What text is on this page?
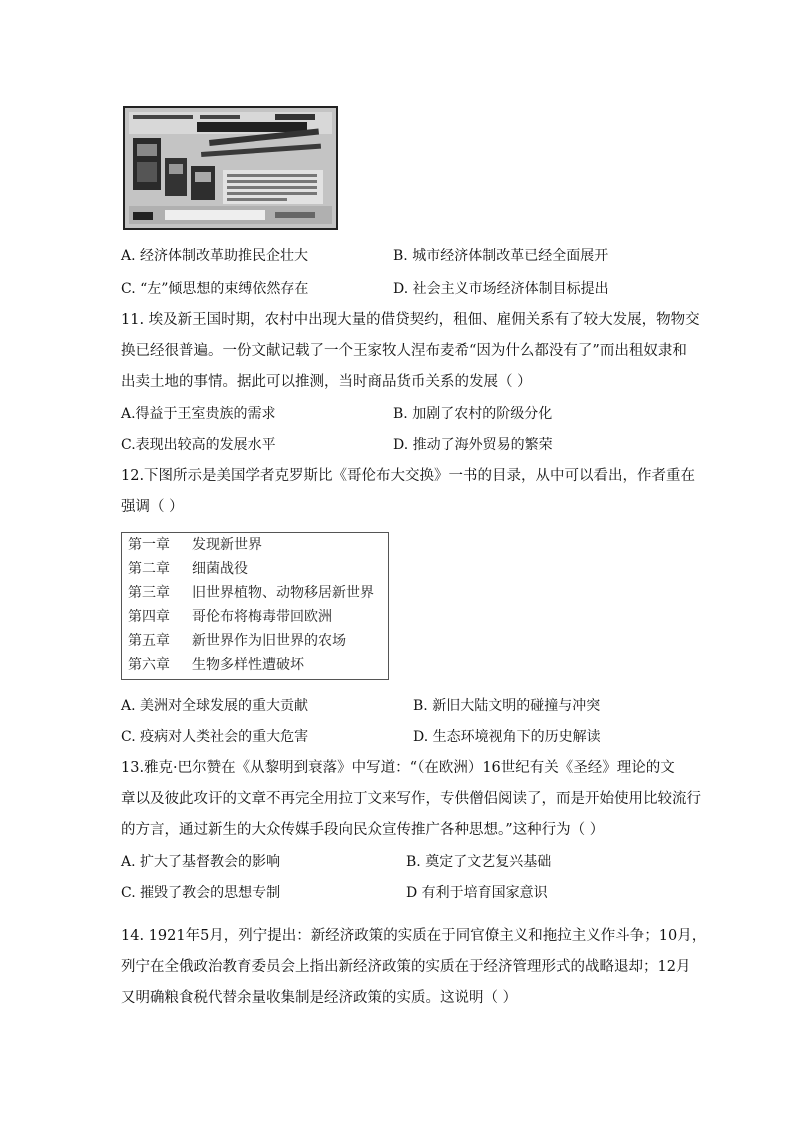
A. 经济体制改革助推民企壮大	B. 城市经济体制改革已经全面展开
C. “左”倾思想的束缚依然存在	D. 社会主义市场经济体制目标提出
11. 埃及新王国时期，农村中出现大量的借贷契约，租佃、雇佣关系有了较大发展，物物交
换已经很普遍。一份文献记载了一个王家牧人涅布麦希“因为什么都没有了”而出租奴隶和
出卖土地的事情。据此可以推测，当时商品货币关系的发展（ ）
A.得益于王室贵族的需求	B. 加剧了农村的阶级分化
C.表现出较高的发展水平	D. 推动了海外贸易的繁荣
12.下图所示是美国学者克罗斯比《哥伦布大交换》一书的目录，从中可以看出，作者重在
强调（ ）
第一章 发现新世界
第二章 细菌战役
第三章 旧世界植物、动物移居新世界
第四章 哥伦布将梅毒带回欧洲
第五章 新世界作为旧世界的农场
第六章 生物多样性遭破坏
A. 美洲对全球发展的重大贡献	B. 新旧大陆文明的碰撞与冲突
C. 疫病对人类社会的重大危害	D. 生态环境视角下的历史解读
13.雅克·巴尔赞在《从黎明到衰落》中写道：“（在欧洲）16世纪有关《圣经》理论的文
章以及彼此攻讦的文章不再完全用拉丁文来写作，专供僧侣阅读了，而是开始使用比较流行
的方言，通过新生的大众传媒手段向民众宣传推广各种思想。”这种行为（ ）
A. 扩大了基督教会的影响	B. 奠定了文艺复兴基础
C. 摧毁了教会的思想专制	D 有利于培育国家意识
14. 1921年5月，列宁提出：新经济政策的实质在于同官僚主义和拖拉主义作斗争；10月，
列宁在全俄政治教育委员会上指出新经济政策的实质在于经济管理形式的战略退却；12月
又明确粮食税代替余量收集制是经济政策的实质。这说明（ ）
